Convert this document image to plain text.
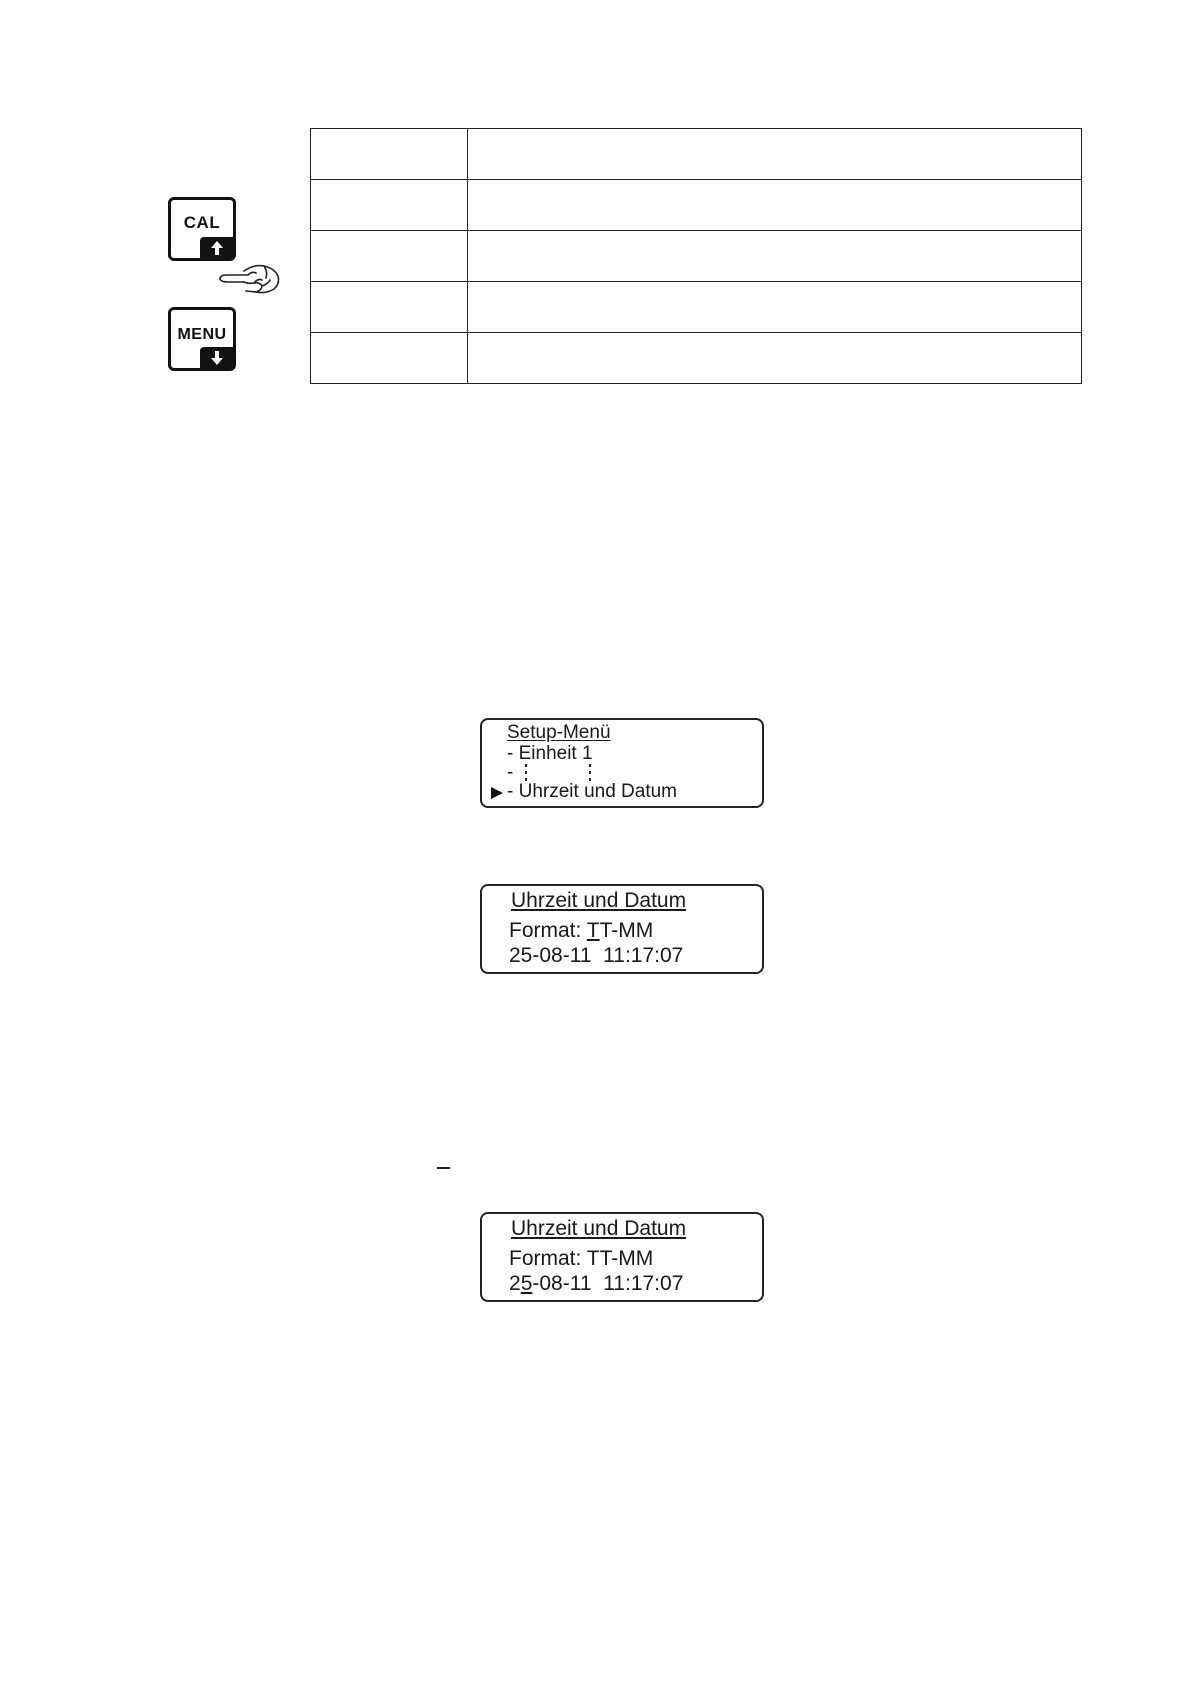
CAL
MENU

Setup-Menü
- Einheit 1
-
- Uhrzeit und Datum
Uhrzeit und Datum
Format: TT-MM
25-08-11  11:17:07
Uhrzeit und Datum
Format: TT-MM
25-08-11  11:17:07
